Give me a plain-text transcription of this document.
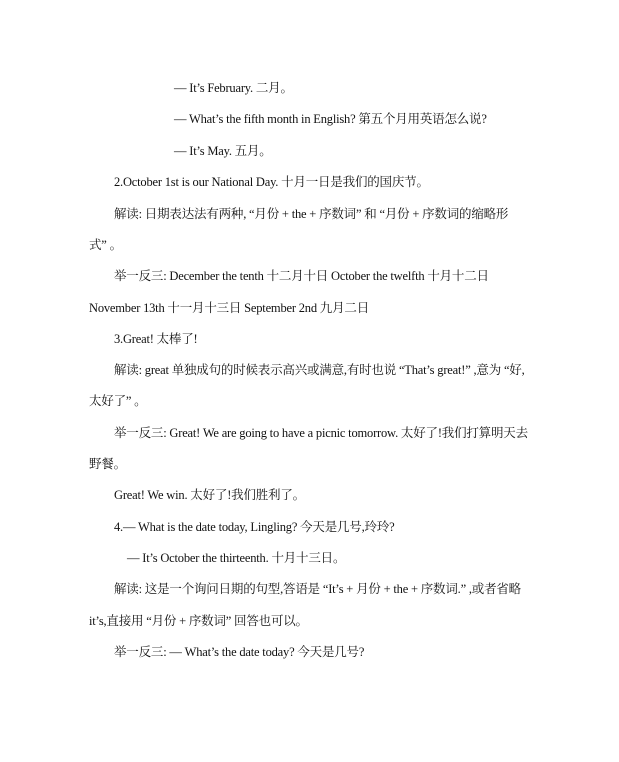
— It’s February. 二月。
— What’s the fifth month in English? 第五个月用英语怎么说?
— It’s May. 五月。
2.October 1st is our National Day. 十月一日是我们的国庆节。
解读: 日期表达法有两种, “月份 + the + 序数词” 和 “月份 + 序数词的缩略形
式” 。
举一反三: December the tenth 十二月十日 October the twelfth 十月十二日
November 13th 十一月十三日 September 2nd 九月二日
3.Great! 太棒了!
解读: great 单独成句的时候表示高兴或满意,有时也说 “That’s great!” ,意为 “好,
太好了” 。
举一反三: Great! We are going to have a picnic tomorrow. 太好了!我们打算明天去
野餐。
Great! We win. 太好了!我们胜利了。
4.— What is the date today, Lingling? 今天是几号,玲玲?
— It’s October the thirteenth. 十月十三日。
解读: 这是一个询问日期的句型,答语是 “It’s + 月份 + the + 序数词.” ,或者省略
it’s,直接用 “月份 + 序数词” 回答也可以。
举一反三: — What’s the date today? 今天是几号?
